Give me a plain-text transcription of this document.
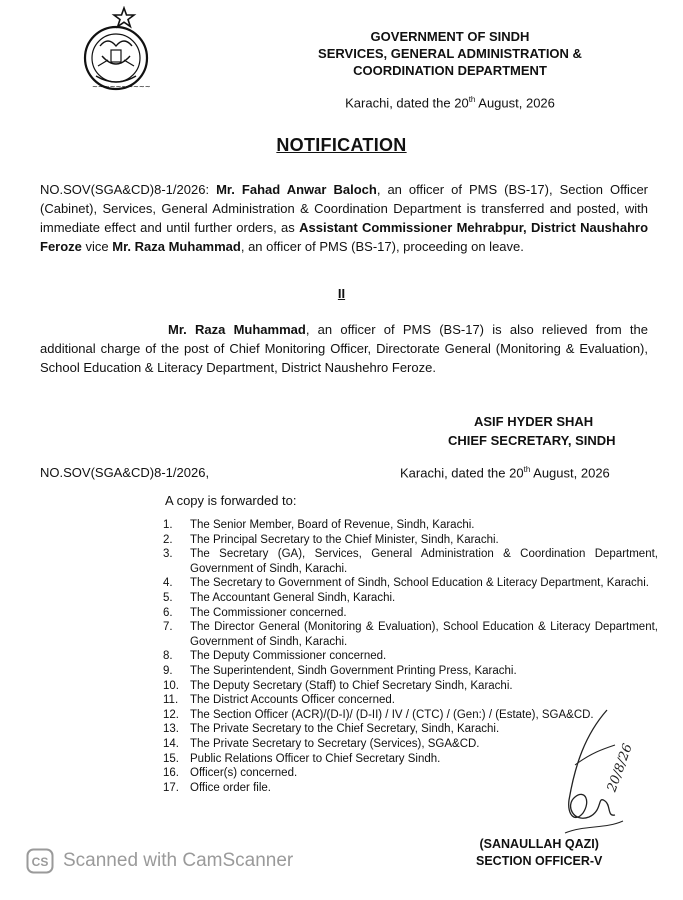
~~~~~~~~~~
GOVERNMENT OF SINDH
SERVICES, GENERAL ADMINISTRATION &
COORDINATION DEPARTMENT
Karachi, dated the 20th August, 2026
NOTIFICATION
NO.SOV(SGA&CD)8-1/2026: Mr. Fahad Anwar Baloch, an officer of PMS (BS-17), Section Officer (Cabinet), Services, General Administration & Coordination Department is transferred and posted, with immediate effect and until further orders, as Assistant Commissioner Mehrabpur, District Naushahro Feroze vice Mr. Raza Muhammad, an officer of PMS (BS-17), proceeding on leave.
II
Mr. Raza Muhammad, an officer of PMS (BS-17) is also relieved from the additional charge of the post of Chief Monitoring Officer, Directorate General (Monitoring & Evaluation), School Education & Literacy Department, District Naushehro Feroze.
ASIF HYDER SHAH
CHIEF SECRETARY, SINDH
NO.SOV(SGA&CD)8-1/2026,	Karachi, dated the 20th August, 2026
A copy is forwarded to:
1.	The Senior Member, Board of Revenue, Sindh, Karachi.
2.	The Principal Secretary to the Chief Minister, Sindh, Karachi.
3.	The Secretary (GA), Services, General Administration & Coordination Department, Government of Sindh, Karachi.
4.	The Secretary to Government of Sindh, School Education & Literacy Department, Karachi.
5.	The Accountant General Sindh, Karachi.
6.	The Commissioner concerned.
7.	The Director General (Monitoring & Evaluation), School Education & Literacy Department, Government of Sindh, Karachi.
8.	The Deputy Commissioner concerned.
9.	The Superintendent, Sindh Government Printing Press, Karachi.
10. The Deputy Secretary (Staff) to Chief Secretary Sindh, Karachi.
11.	The District Accounts Officer concerned.
12. The Section Officer (ACR)/(D-I)/ (D-II) / IV / (CTC) / (Gen:) / (Estate), SGA&CD.
13. The Private Secretary to the Chief Secretary, Sindh, Karachi.
14. The Private Secretary to Secretary (Services), SGA&CD.
15. Public Relations Officer to Chief Secretary Sindh.
16. Officer(s) concerned.
17. Office order file.	20/8/26
(SANAULLAH QAZI)
SECTION OFFICER-V
CS Scanned with CamScanner
